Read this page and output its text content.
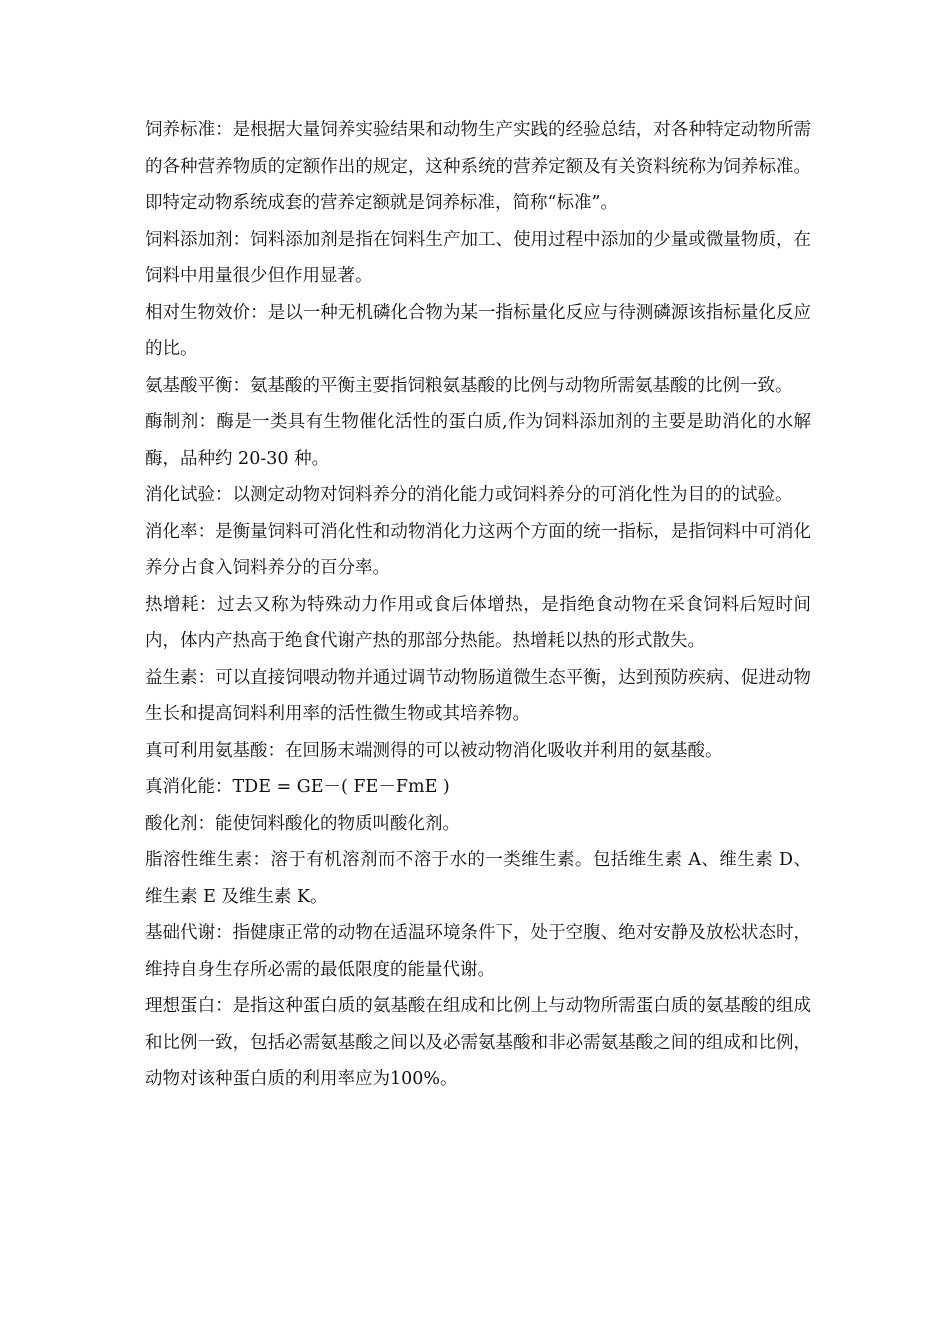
饲养标准：是根据大量饲养实验结果和动物生产实践的经验总结，对各种特定动物所需的各种营养物质的定额作出的规定，这种系统的营养定额及有关资料统称为饲养标准。即特定动物系统成套的营养定额就是饲养标准，简称“标准”。

饲料添加剂：饲料添加剂是指在饲料生产加工、使用过程中添加的少量或微量物质，在饲料中用量很少但作用显著。

相对生物效价：是以一种无机磷化合物为某一指标量化反应与待测磷源该指标量化反应的比。

氨基酸平衡：氨基酸的平衡主要指饲粮氨基酸的比例与动物所需氨基酸的比例一致。

酶制剂：酶是一类具有生物催化活性的蛋白质,作为饲料添加剂的主要是助消化的水解酶，品种约 20-30 种。

消化试验：以测定动物对饲料养分的消化能力或饲料养分的可消化性为目的的试验。

消化率：是衡量饲料可消化性和动物消化力这两个方面的统一指标，是指饲料中可消化养分占食入饲料养分的百分率。

热增耗：过去又称为特殊动力作用或食后体增热，是指绝食动物在采食饲料后短时间内，体内产热高于绝食代谢产热的那部分热能。热增耗以热的形式散失。

益生素：可以直接饲喂动物并通过调节动物肠道微生态平衡，达到预防疾病、促进动物生长和提高饲料利用率的活性微生物或其培养物。

真可利用氨基酸：在回肠末端测得的可以被动物消化吸收并利用的氨基酸。

真消化能：TDE = GE－( FE－FmE )

酸化剂：能使饲料酸化的物质叫酸化剂。

脂溶性维生素：溶于有机溶剂而不溶于水的一类维生素。包括维生素 A、维生素 D、维生素 E 及维生素 K。

基础代谢：指健康正常的动物在适温环境条件下，处于空腹、绝对安静及放松状态时，维持自身生存所必需的最低限度的能量代谢。

理想蛋白：是指这种蛋白质的氨基酸在组成和比例上与动物所需蛋白质的氨基酸的组成和比例一致，包括必需氨基酸之间以及必需氨基酸和非必需氨基酸之间的组成和比例，动物对该种蛋白质的利用率应为100%。
